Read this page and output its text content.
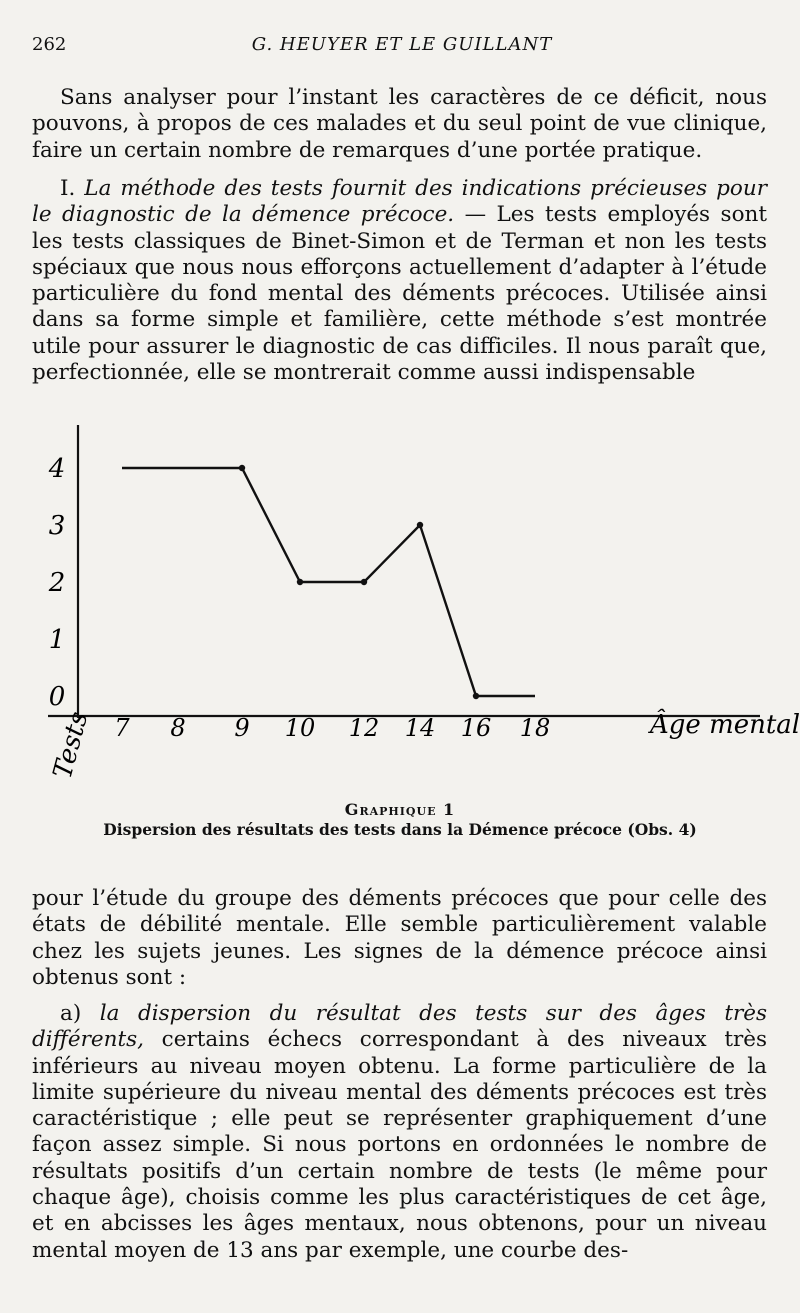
262	G. HEUYER ET LE GUILLANT

Sans analyser pour l’instant les caractères de ce déficit, nous pouvons, à propos de ces malades et du seul point de vue clinique, faire un certain nombre de remarques d’une portée pratique.

I. La méthode des tests fournit des indications précieuses pour le diagnostic de la démence précoce. — Les tests employés sont les tests classiques de Binet-Simon et de Terman et non les tests spéciaux que nous nous efforçons actuellement d’adapter à l’étude particulière du fond mental des déments précoces. Utilisée ainsi dans sa forme simple et familière, cette méthode s’est montrée utile pour assurer le diagnostic de cas difficiles. Il nous paraît que, perfectionnée, elle se montrerait comme aussi indispensable

0
1
2
3
4
7 8 9 10 12 14 16 18	Âge mental
Tests
Graphique 1
Dispersion des résultats des tests dans la Démence précoce (Obs. 4)

pour l’étude du groupe des déments précoces que pour celle des états de débilité mentale. Elle semble particulièrement valable chez les sujets jeunes. Les signes de la démence précoce ainsi obtenus sont :

a) la dispersion du résultat des tests sur des âges très différents, certains échecs correspondant à des niveaux très inférieurs au niveau moyen obtenu. La forme particulière de la limite supérieure du niveau mental des déments précoces est très caractéristique ; elle peut se représenter graphiquement d’une façon assez simple. Si nous portons en ordonnées le nombre de résultats positifs d’un certain nombre de tests (le même pour chaque âge), choisis comme les plus caractéristiques de cet âge, et en abcisses les âges mentaux, nous obtenons, pour un niveau mental moyen de 13 ans par exemple, une courbe des-
